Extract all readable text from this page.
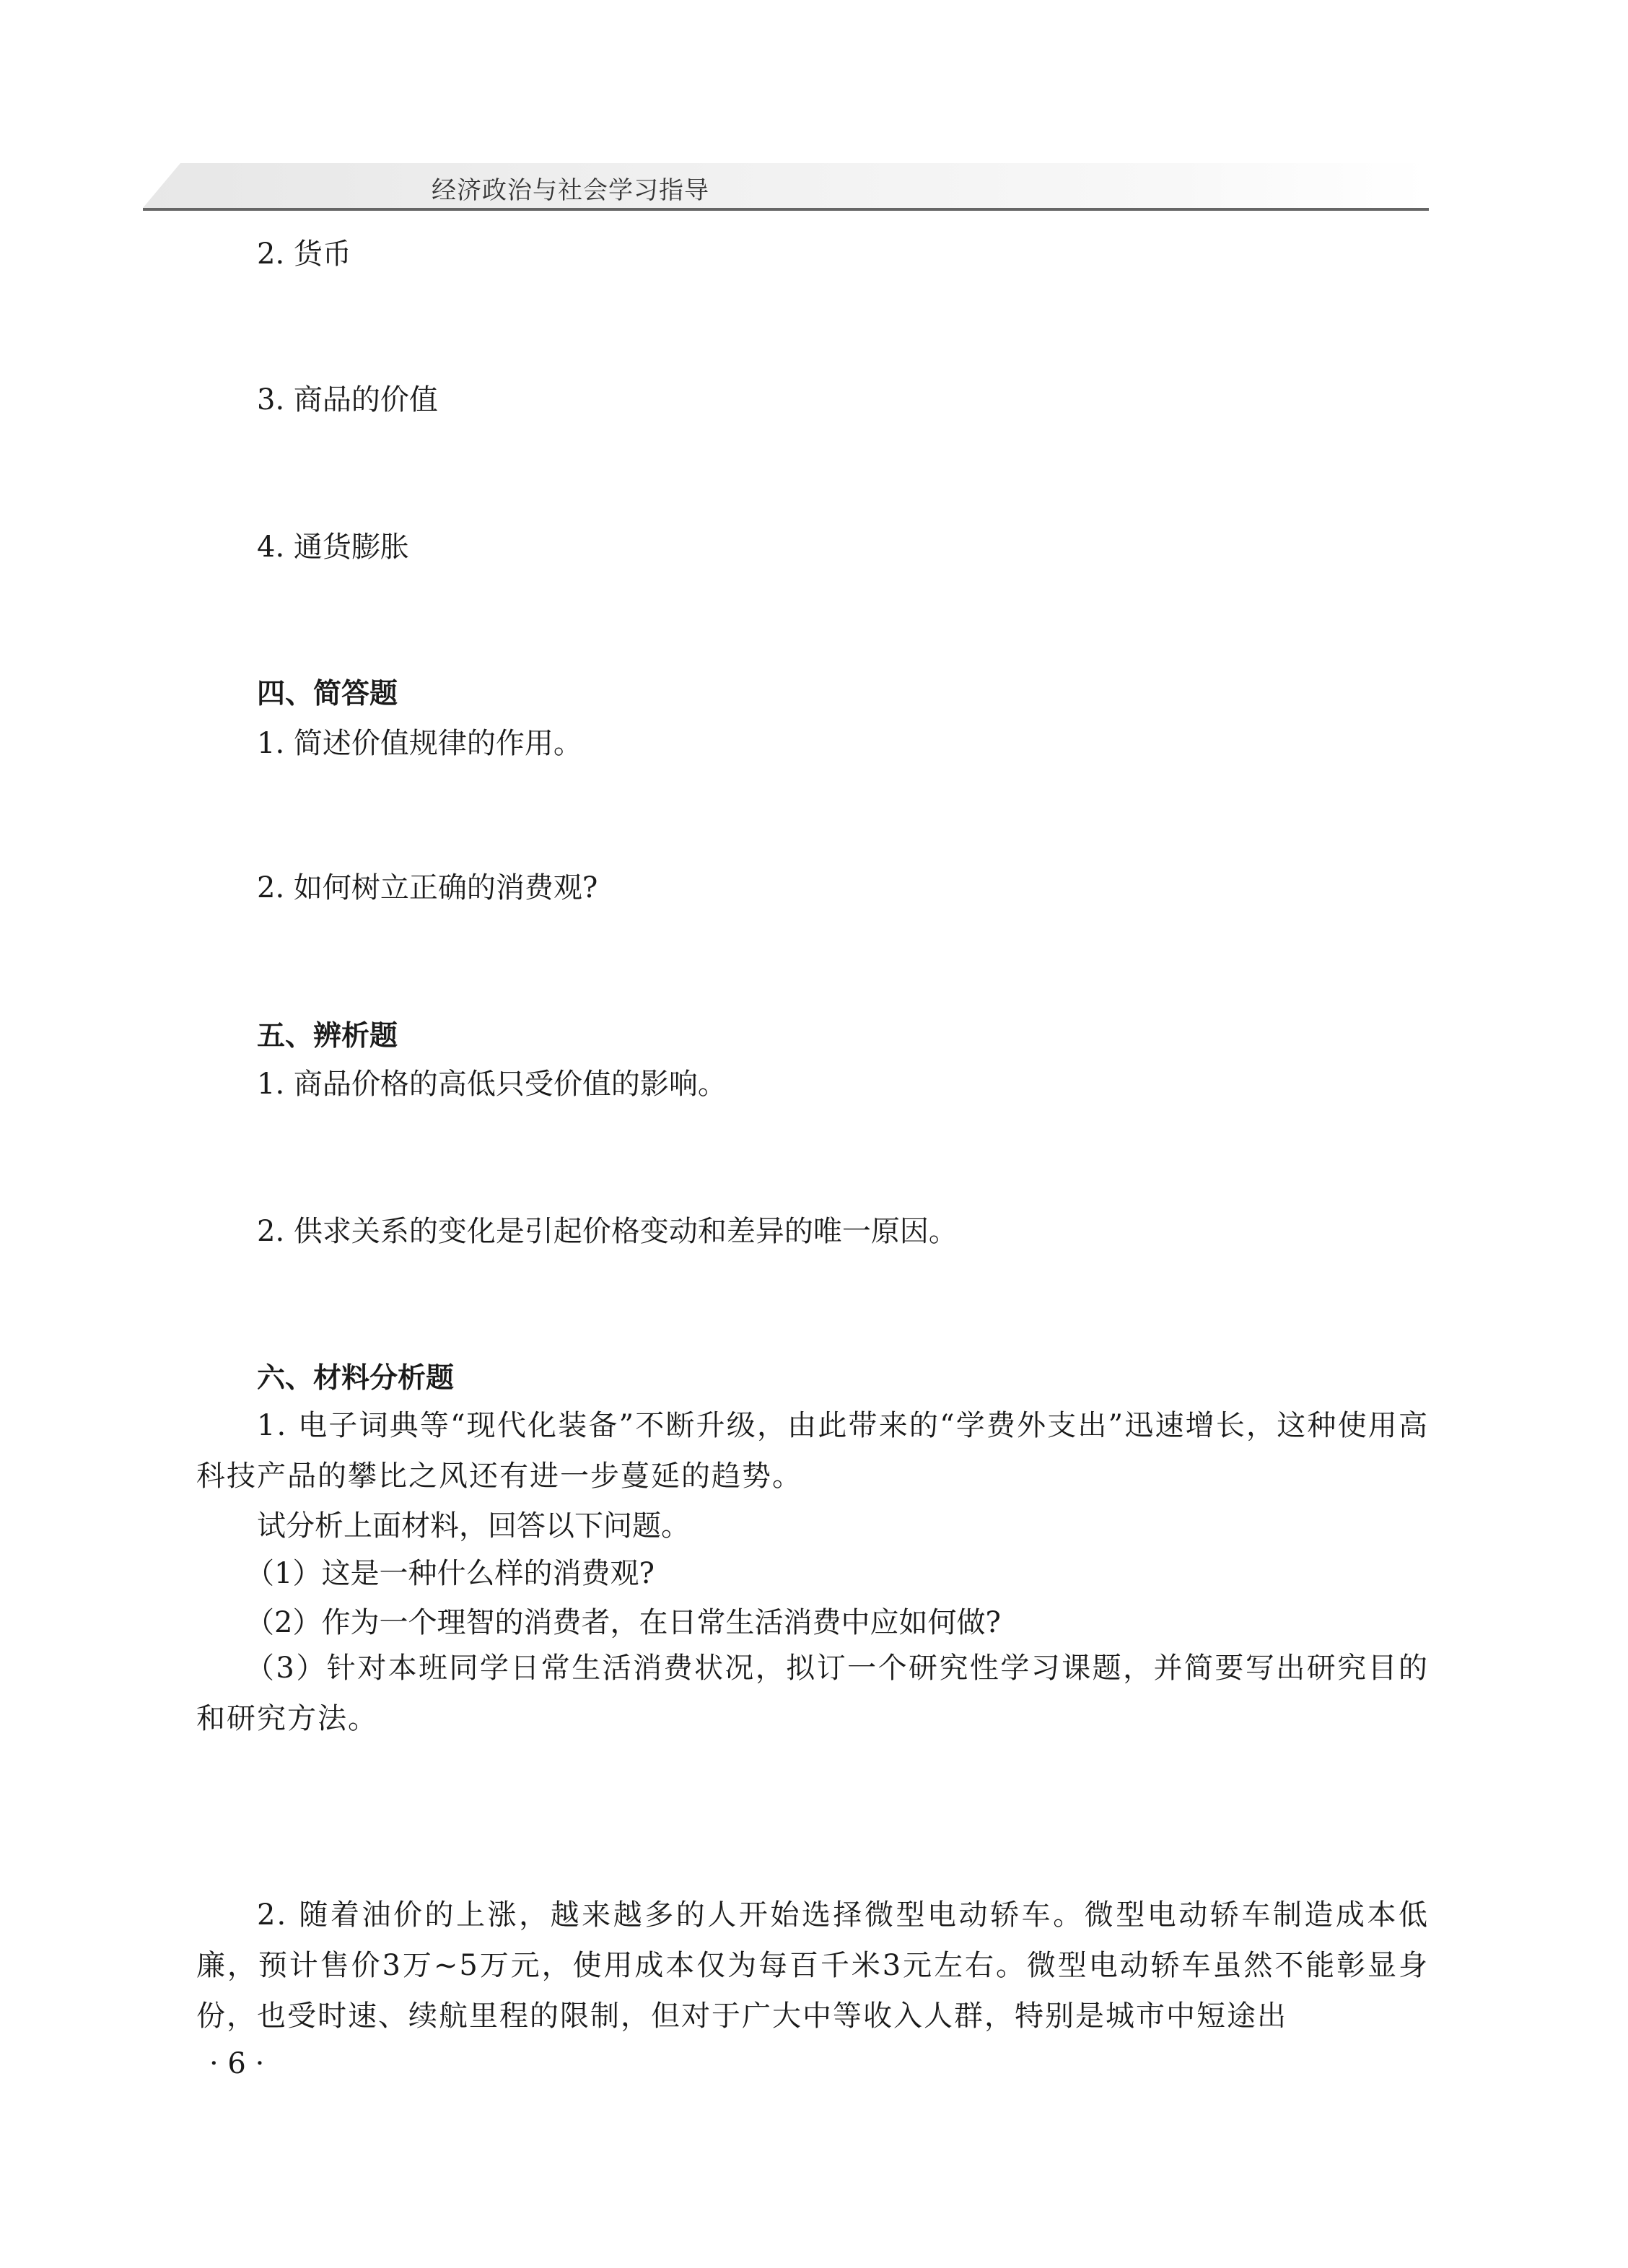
经济政治与社会学习指导
2. 货币
3. 商品的价值
4. 通货膨胀
四、简答题
1. 简述价值规律的作用。
2. 如何树立正确的消费观?
五、辨析题
1. 商品价格的高低只受价值的影响。
2. 供求关系的变化是引起价格变动和差异的唯一原因。
六、材料分析题
1. 电子词典等“现代化装备”不断升级，由此带来的“学费外支出”迅速增长，这种使用高科技产品的攀比之风还有进一步蔓延的趋势。
试分析上面材料，回答以下问题。
（1）这是一种什么样的消费观?
（2）作为一个理智的消费者，在日常生活消费中应如何做?
（3）针对本班同学日常生活消费状况，拟订一个研究性学习课题，并简要写出研究目的和研究方法。
2. 随着油价的上涨，越来越多的人开始选择微型电动轿车。微型电动轿车制造成本低廉，预计售价3万~5万元，使用成本仅为每百千米3元左右。微型电动轿车虽然不能彰显身份，也受时速、续航里程的限制，但对于广大中等收入人群，特别是城市中短途出
· 6 ·
